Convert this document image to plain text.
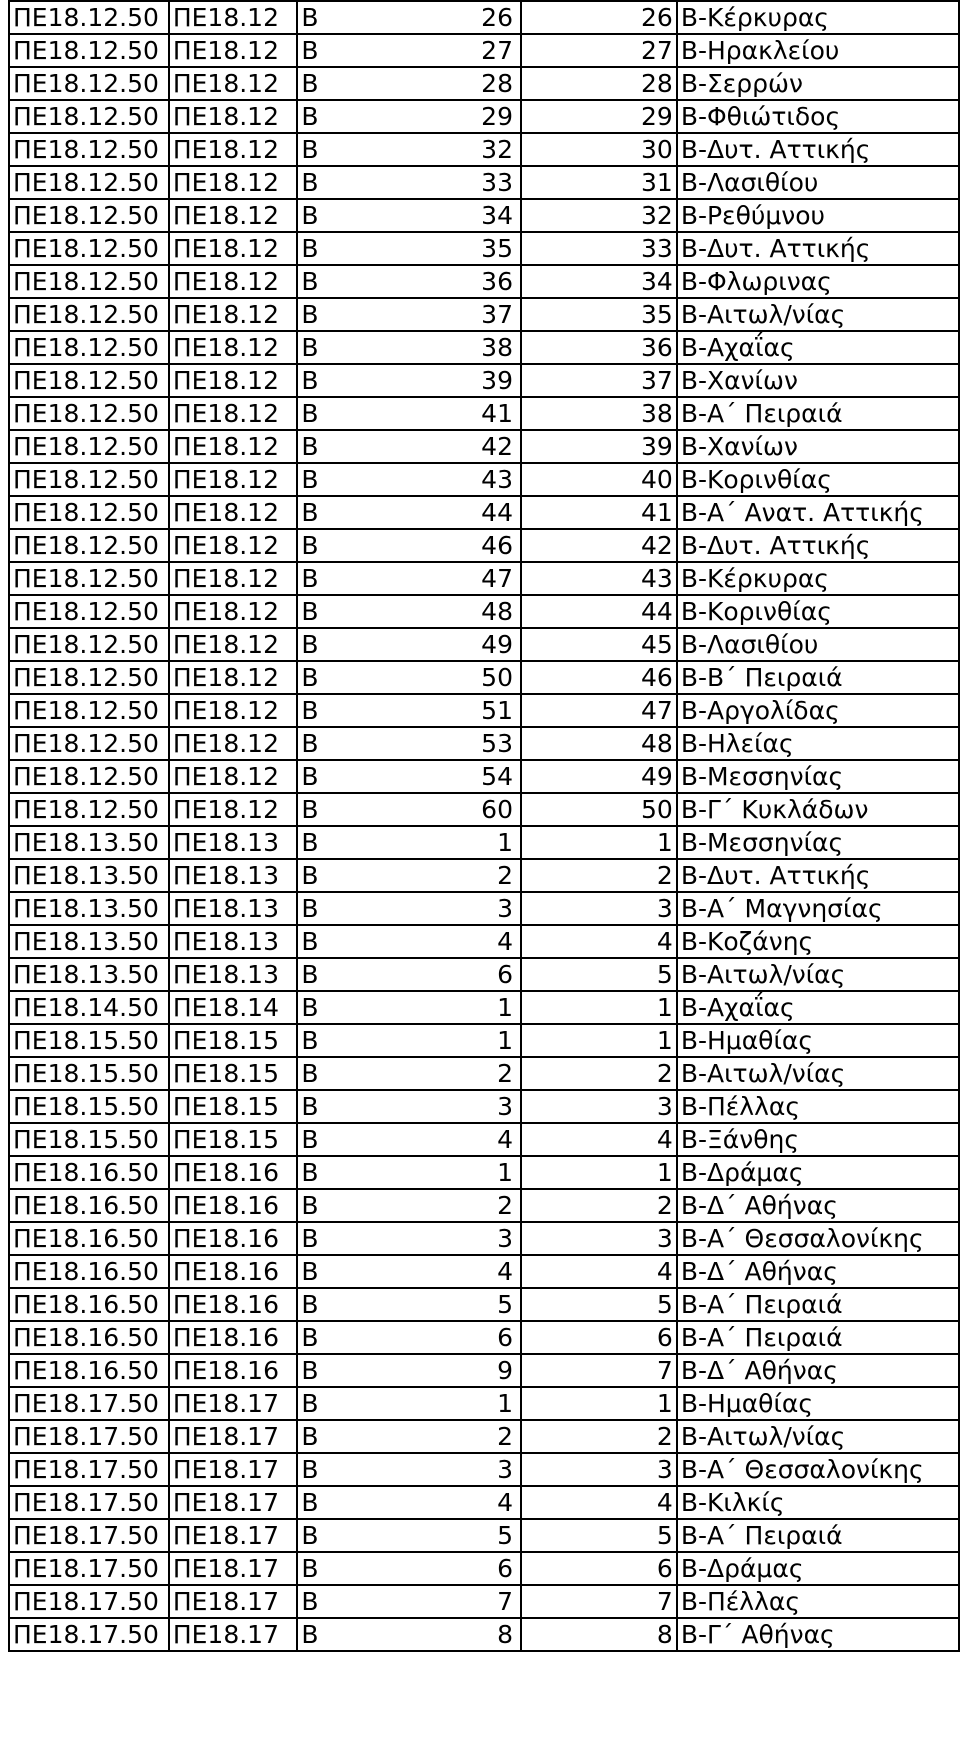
ΠΕ18.12.50	ΠΕ18.12	Β 26	26	Β-Κέρκυρας
ΠΕ18.12.50	ΠΕ18.12	Β 27	27	Β-Ηρακλείου
ΠΕ18.12.50	ΠΕ18.12	Β 28	28	Β-Σερρών
ΠΕ18.12.50	ΠΕ18.12	Β 29	29	Β-Φθιώτιδος
ΠΕ18.12.50	ΠΕ18.12	Β 32	30	Β-Δυτ. Αττικής
ΠΕ18.12.50	ΠΕ18.12	Β 33	31	Β-Λασιθίου
ΠΕ18.12.50	ΠΕ18.12	Β 34	32	Β-Ρεθύμνου
ΠΕ18.12.50	ΠΕ18.12	Β 35	33	Β-Δυτ. Αττικής
ΠΕ18.12.50	ΠΕ18.12	Β 36	34	Β-Φλωρινας
ΠΕ18.12.50	ΠΕ18.12	Β 37	35	Β-Αιτωλ/νίας
ΠΕ18.12.50	ΠΕ18.12	Β 38	36	Β-Αχαΐας
ΠΕ18.12.50	ΠΕ18.12	Β 39	37	Β-Χανίων
ΠΕ18.12.50	ΠΕ18.12	Β 41	38	Β-Α΄ Πειραιά
ΠΕ18.12.50	ΠΕ18.12	Β 42	39	Β-Χανίων
ΠΕ18.12.50	ΠΕ18.12	Β 43	40	Β-Κορινθίας
ΠΕ18.12.50	ΠΕ18.12	Β 44	41	Β-Α΄ Ανατ. Αττικής
ΠΕ18.12.50	ΠΕ18.12	Β 46	42	Β-Δυτ. Αττικής
ΠΕ18.12.50	ΠΕ18.12	Β 47	43	Β-Κέρκυρας
ΠΕ18.12.50	ΠΕ18.12	Β 48	44	Β-Κορινθίας
ΠΕ18.12.50	ΠΕ18.12	Β 49	45	Β-Λασιθίου
ΠΕ18.12.50	ΠΕ18.12	Β 50	46	Β-Β΄ Πειραιά
ΠΕ18.12.50	ΠΕ18.12	Β 51	47	Β-Αργολίδας
ΠΕ18.12.50	ΠΕ18.12	Β 53	48	Β-Ηλείας
ΠΕ18.12.50	ΠΕ18.12	Β 54	49	Β-Μεσσηνίας
ΠΕ18.12.50	ΠΕ18.12	Β 60	50	Β-Γ΄ Κυκλάδων
ΠΕ18.13.50	ΠΕ18.13	Β 1	1	Β-Μεσσηνίας
ΠΕ18.13.50	ΠΕ18.13	Β 2	2	Β-Δυτ. Αττικής
ΠΕ18.13.50	ΠΕ18.13	Β 3	3	Β-Α΄ Μαγνησίας
ΠΕ18.13.50	ΠΕ18.13	Β 4	4	Β-Κοζάνης
ΠΕ18.13.50	ΠΕ18.13	Β 6	5	Β-Αιτωλ/νίας
ΠΕ18.14.50	ΠΕ18.14	Β 1	1	Β-Αχαΐας
ΠΕ18.15.50	ΠΕ18.15	Β 1	1	Β-Ημαθίας
ΠΕ18.15.50	ΠΕ18.15	Β 2	2	Β-Αιτωλ/νίας
ΠΕ18.15.50	ΠΕ18.15	Β 3	3	Β-Πέλλας
ΠΕ18.15.50	ΠΕ18.15	Β 4	4	Β-Ξάνθης
ΠΕ18.16.50	ΠΕ18.16	Β 1	1	Β-Δράμας
ΠΕ18.16.50	ΠΕ18.16	Β 2	2	Β-Δ΄ Αθήνας
ΠΕ18.16.50	ΠΕ18.16	Β 3	3	Β-Α΄ Θεσσαλονίκης
ΠΕ18.16.50	ΠΕ18.16	Β 4	4	Β-Δ΄ Αθήνας
ΠΕ18.16.50	ΠΕ18.16	Β 5	5	Β-Α΄ Πειραιά
ΠΕ18.16.50	ΠΕ18.16	Β 6	6	Β-Α΄ Πειραιά
ΠΕ18.16.50	ΠΕ18.16	Β 9	7	Β-Δ΄ Αθήνας
ΠΕ18.17.50	ΠΕ18.17	Β 1	1	Β-Ημαθίας
ΠΕ18.17.50	ΠΕ18.17	Β 2	2	Β-Αιτωλ/νίας
ΠΕ18.17.50	ΠΕ18.17	Β 3	3	Β-Α΄ Θεσσαλονίκης
ΠΕ18.17.50	ΠΕ18.17	Β 4	4	Β-Κιλκίς
ΠΕ18.17.50	ΠΕ18.17	Β 5	5	Β-Α΄ Πειραιά
ΠΕ18.17.50	ΠΕ18.17	Β 6	6	Β-Δράμας
ΠΕ18.17.50	ΠΕ18.17	Β 7	7	Β-Πέλλας
ΠΕ18.17.50	ΠΕ18.17	Β 8	8	Β-Γ΄ Αθήνας
